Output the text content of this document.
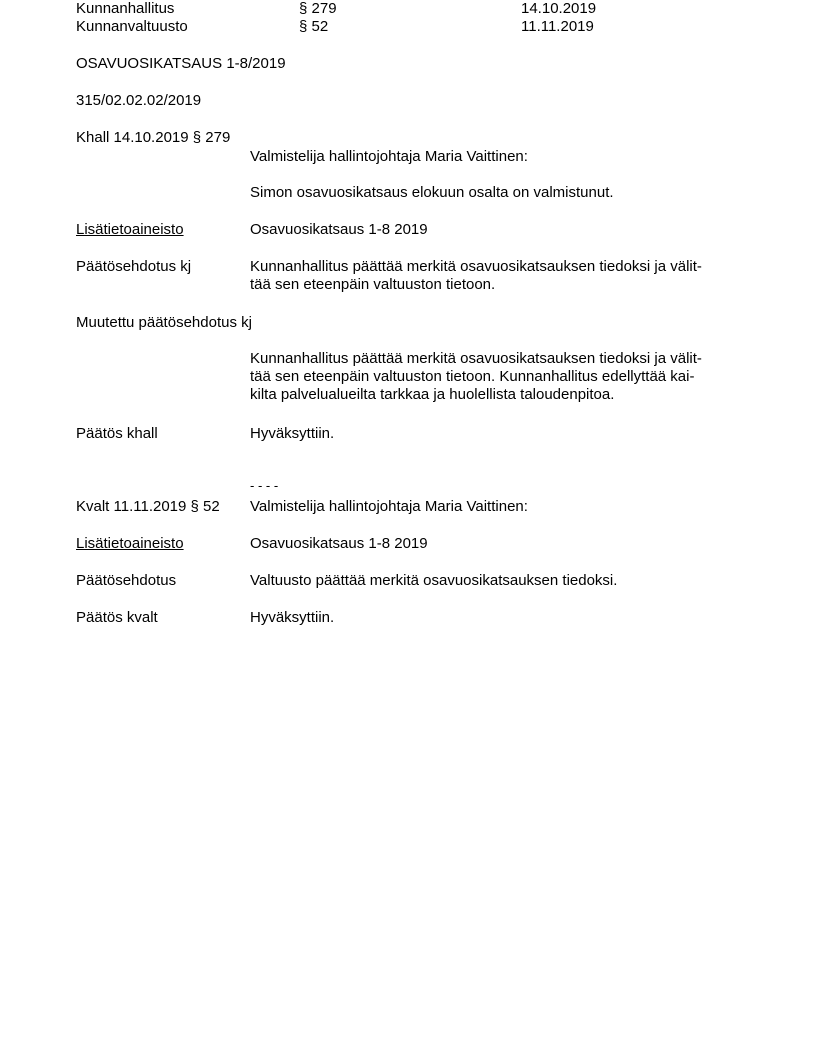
Kunnanhallitus	§ 279	14.10.2019
Kunnanvaltuusto	§ 52	11.11.2019
OSAVUOSIKATSAUS 1-8/2019
315/02.02.02/2019
Khall 14.10.2019 § 279
Valmistelija hallintojohtaja Maria Vaittinen:
Simon osavuosikatsaus elokuun osalta on valmistunut.
Lisätietoaineisto	Osavuosikatsaus 1-8 2019
Päätösehdotus kj	Kunnanhallitus päättää merkitä osavuosikatsauksen tiedoksi ja välit-
tää sen eteenpäin valtuuston tietoon.
Muutettu päätösehdotus kj
Kunnanhallitus päättää merkitä osavuosikatsauksen tiedoksi ja välit-
tää sen eteenpäin valtuuston tietoon. Kunnanhallitus edellyttää kai-
kilta palvelualueilta tarkkaa ja huolellista taloudenpitoa.
Päätös khall	Hyväksyttiin.
- - - -
Kvalt 11.11.2019 § 52 Valmistelija hallintojohtaja Maria Vaittinen:
Lisätietoaineisto	Osavuosikatsaus 1-8 2019
Päätösehdotus	Valtuusto päättää merkitä osavuosikatsauksen tiedoksi.
Päätös kvalt	Hyväksyttiin.
